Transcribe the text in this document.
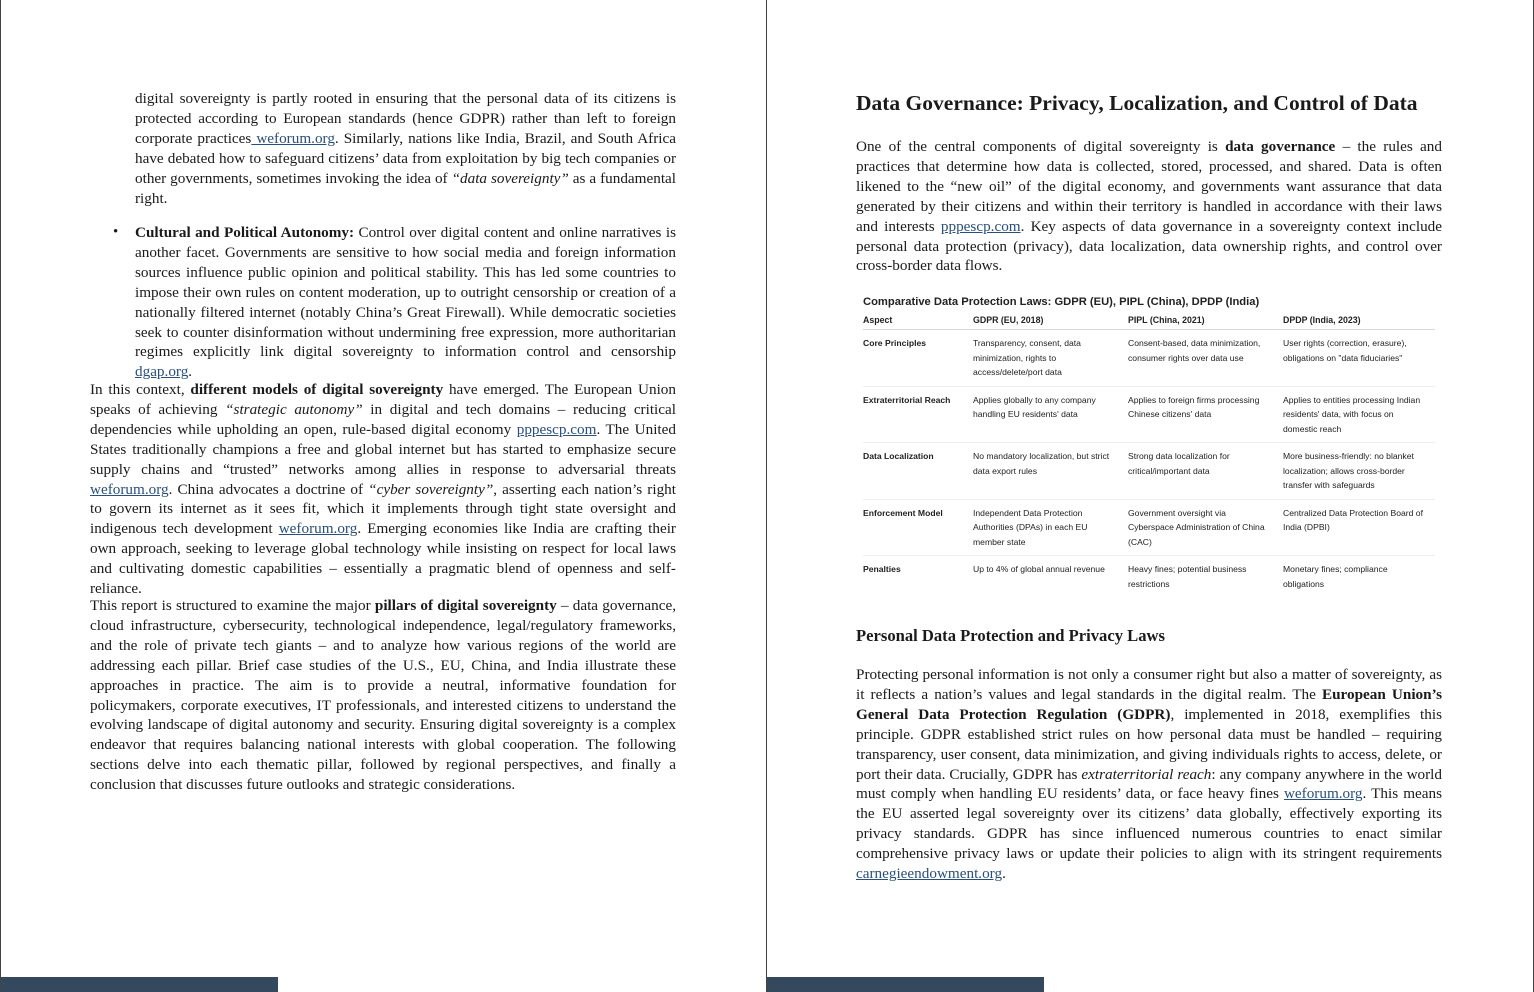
digital sovereignty is partly rooted in ensuring that the personal data of its citizens is protected according to European standards (hence GDPR) rather than left to foreign corporate practices weforum.org. Similarly, nations like India, Brazil, and South Africa have debated how to safeguard citizens’ data from exploitation by big tech companies or other governments, sometimes invoking the idea of “data sovereignty” as a fundamental right.

• Cultural and Political Autonomy: Control over digital content and online narratives is another facet. Governments are sensitive to how social media and foreign information sources influence public opinion and political stability. This has led some countries to impose their own rules on content moderation, up to outright censorship or creation of a nationally filtered internet (notably China’s Great Firewall). While democratic societies seek to counter disinformation without undermining free expression, more authoritarian regimes explicitly link digital sovereignty to information control and censorship dgap.org.

In this context, different models of digital sovereignty have emerged. The European Union speaks of achieving “strategic autonomy” in digital and tech domains – reducing critical dependencies while upholding an open, rule-based digital economy pppescp.com. The United States traditionally champions a free and global internet but has started to emphasize secure supply chains and “trusted” networks among allies in response to adversarial threats weforum.org. China advocates a doctrine of “cyber sovereignty”, asserting each nation’s right to govern its internet as it sees fit, which it implements through tight state oversight and indigenous tech development weforum.org. Emerging economies like India are crafting their own approach, seeking to leverage global technology while insisting on respect for local laws and cultivating domestic capabilities – essentially a pragmatic blend of openness and self-reliance.

This report is structured to examine the major pillars of digital sovereignty – data governance, cloud infrastructure, cybersecurity, technological independence, legal/regulatory frameworks, and the role of private tech giants – and to analyze how various regions of the world are addressing each pillar. Brief case studies of the U.S., EU, China, and India illustrate these approaches in practice. The aim is to provide a neutral, informative foundation for policymakers, corporate executives, IT professionals, and interested citizens to understand the evolving landscape of digital autonomy and security. Ensuring digital sovereignty is a complex endeavor that requires balancing national interests with global cooperation. The following sections delve into each thematic pillar, followed by regional perspectives, and finally a conclusion that discusses future outlooks and strategic considerations.

Data Governance: Privacy, Localization, and Control of Data

One of the central components of digital sovereignty is data governance – the rules and practices that determine how data is collected, stored, processed, and shared. Data is often likened to the “new oil” of the digital economy, and governments want assurance that data generated by their citizens and within their territory is handled in accordance with their laws and interests pppescp.com. Key aspects of data governance in a sovereignty context include personal data protection (privacy), data localization, data ownership rights, and control over cross-border data flows.

Comparative Data Protection Laws: GDPR (EU), PIPL (China), DPDP (India)
Aspect	GDPR (EU, 2018)	PIPL (China, 2021)	DPDP (India, 2023)
Core Principles	Transparency, consent, data minimization, rights to access/delete/port data	Consent-based, data minimization, consumer rights over data use	User rights (correction, erasure), obligations on "data fiduciaries"
Extraterritorial Reach	Applies globally to any company handling EU residents' data	Applies to foreign firms processing Chinese citizens' data	Applies to entities processing Indian residents' data, with focus on domestic reach
Data Localization	No mandatory localization, but strict data export rules	Strong data localization for critical/important data	More business-friendly: no blanket localization; allows cross-border transfer with safeguards
Enforcement Model	Independent Data Protection Authorities (DPAs) in each EU member state	Government oversight via Cyberspace Administration of China (CAC)	Centralized Data Protection Board of India (DPBI)
Penalties	Up to 4% of global annual revenue	Heavy fines; potential business restrictions	Monetary fines; compliance obligations
Personal Data Protection and Privacy Laws

Protecting personal information is not only a consumer right but also a matter of sovereignty, as it reflects a nation’s values and legal standards in the digital realm. The European Union’s General Data Protection Regulation (GDPR), implemented in 2018, exemplifies this principle. GDPR established strict rules on how personal data must be handled – requiring transparency, user consent, data minimization, and giving individuals rights to access, delete, or port their data. Crucially, GDPR has extraterritorial reach: any company anywhere in the world must comply when handling EU residents’ data, or face heavy fines weforum.org. This means the EU asserted legal sovereignty over its citizens’ data globally, effectively exporting its privacy standards. GDPR has since influenced numerous countries to enact similar comprehensive privacy laws or update their policies to align with its stringent requirements carnegieendowment.org.
